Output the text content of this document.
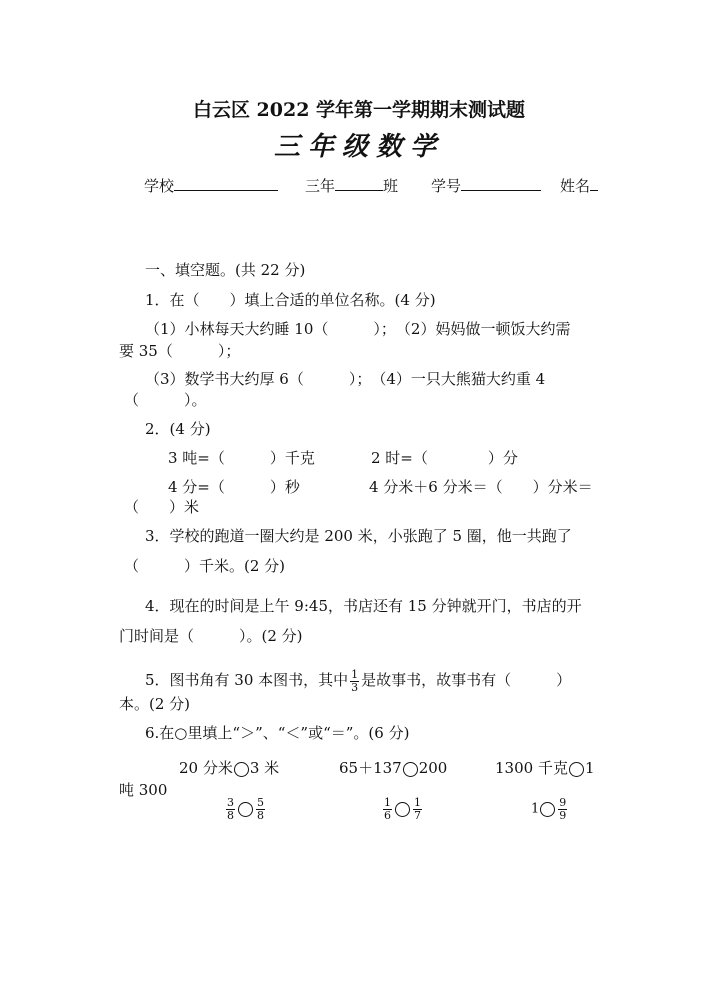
白云区 2022 学年第一学期期末测试题
三年级数学
学校	三年	班 学号	姓名
一、填空题。(共 22 分)
1．在（　　）填上合适的单位名称。(4 分)
（1）小林每天大约睡 10（　　　）；　（2）妈妈做一顿饭大约需
要 35（　　　）；
（3）数学书大约厚 6（　　　）；　（4）一只大熊猫大约重 4
（　　　）。
2．(4 分)
3 吨=（　　　）千克	2 时=（　　　　）分
4 分=（　　　）秒	4 分米＋6 分米＝（　　）分米＝
（　　）米
3．学校的跑道一圈大约是 200 米，小张跑了 5 圈，他一共跑了
（　　　）千米。(2 分)
4．现在的时间是上午 9:45，书店还有 15 分钟就开门，书店的开
门时间是（　　　）。(2 分)
5．图书角有 30 本图书，其中 $\frac{1}{3}$ 是故事书，故事书有（　　　）
本。(2 分)
6.在○里填上“＞”、“＜”或“＝”。(6 分)
20 分米 3 米	65＋137 200	1300 千克 1
吨 300
$\frac{3}{8} \frac{5}{8}$	$\frac{1}{6} \frac{1}{7}$	$1 \frac{9}{9}$
